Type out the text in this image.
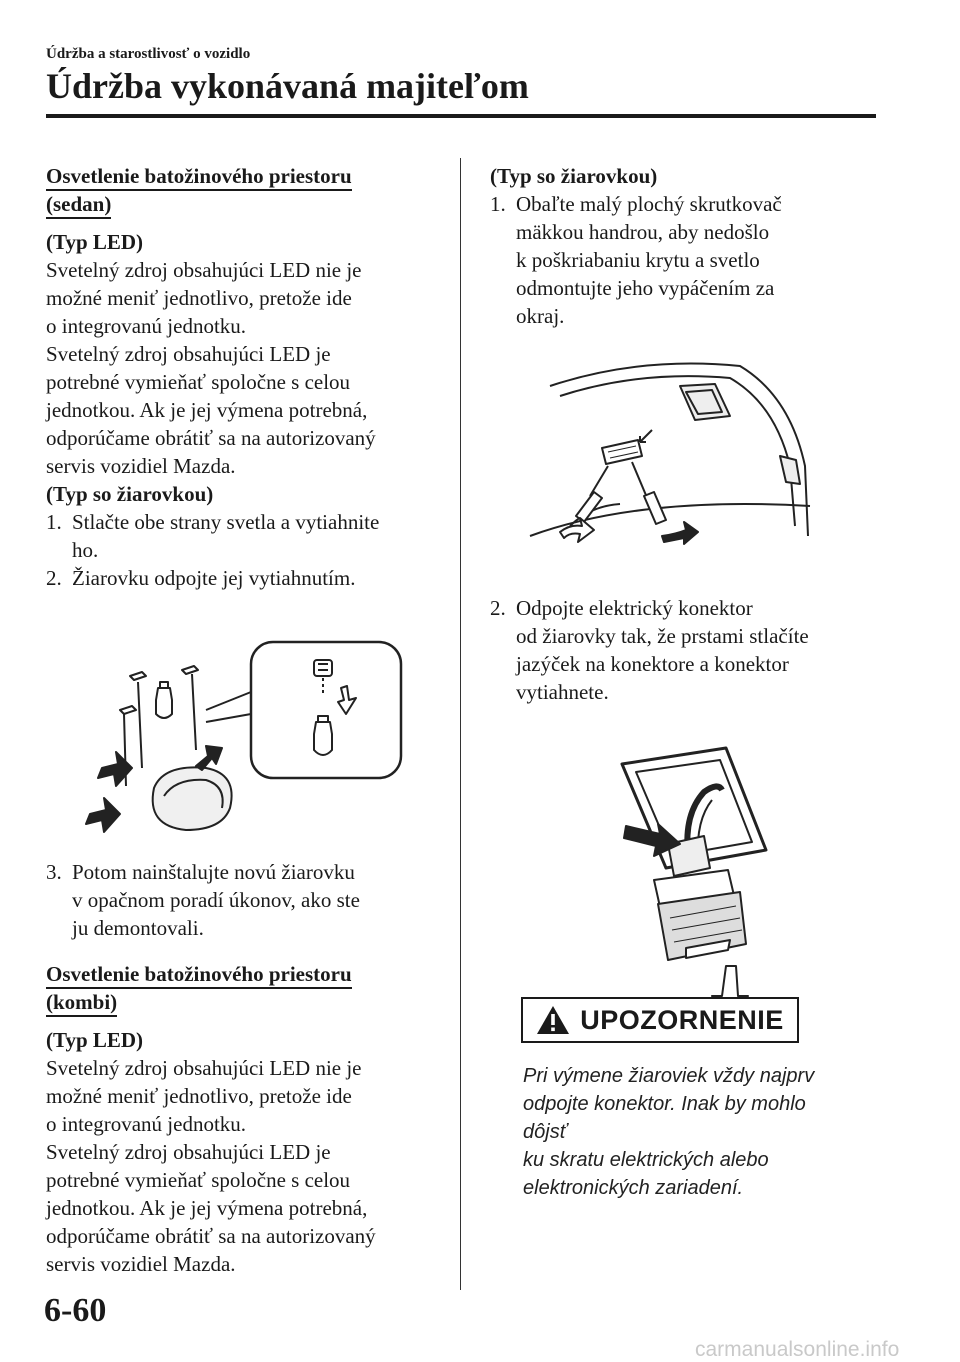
Údržba a starostlivosť o vozidlo
Údržba vykonávaná majiteľom

Osvetlenie batožinového priestoru

(sedan)

(Typ LED)

Svetelný zdroj obsahujúci LED nie je

možné meniť jednotlivo, pretože ide

o integrovanú jednotku.

Svetelný zdroj obsahujúci LED je

potrebné vymieňať spoločne s celou

jednotkou. Ak je jej výmena potrebná,

odporúčame obrátiť sa na autorizovaný

servis vozidiel Mazda.

(Typ so žiarovkou)

1. Stlačte obe strany svetla a vytiahnite
ho.
2. Žiarovku odpojte jej vytiahnutím.
3. Potom nainštalujte novú žiarovku
v opačnom poradí úkonov, ako ste
ju demontovali.

Osvetlenie batožinového priestoru

(kombi)

(Typ LED)

Svetelný zdroj obsahujúci LED nie je

možné meniť jednotlivo, pretože ide

o integrovanú jednotku.

Svetelný zdroj obsahujúci LED je

potrebné vymieňať spoločne s celou

jednotkou. Ak je jej výmena potrebná,

odporúčame obrátiť sa na autorizovaný

servis vozidiel Mazda.

(Typ so žiarovkou)

1. Obaľte malý plochý skrutkovač
mäkkou handrou, aby nedošlo
k poškriabaniu krytu a svetlo
odmontujte jeho vypáčením za okraj.
2. Odpojte elektrický konektor
od žiarovky tak, že prstami stlačíte
jazýček na konektore a konektor
vytiahnete.
UPOZORNENIE
Pri výmene žiaroviek vždy najprv
odpojte konektor. Inak by mohlo dôjsť
ku skratu elektrických alebo
elektronických zariadení.
6-60
carmanualsonline.info
